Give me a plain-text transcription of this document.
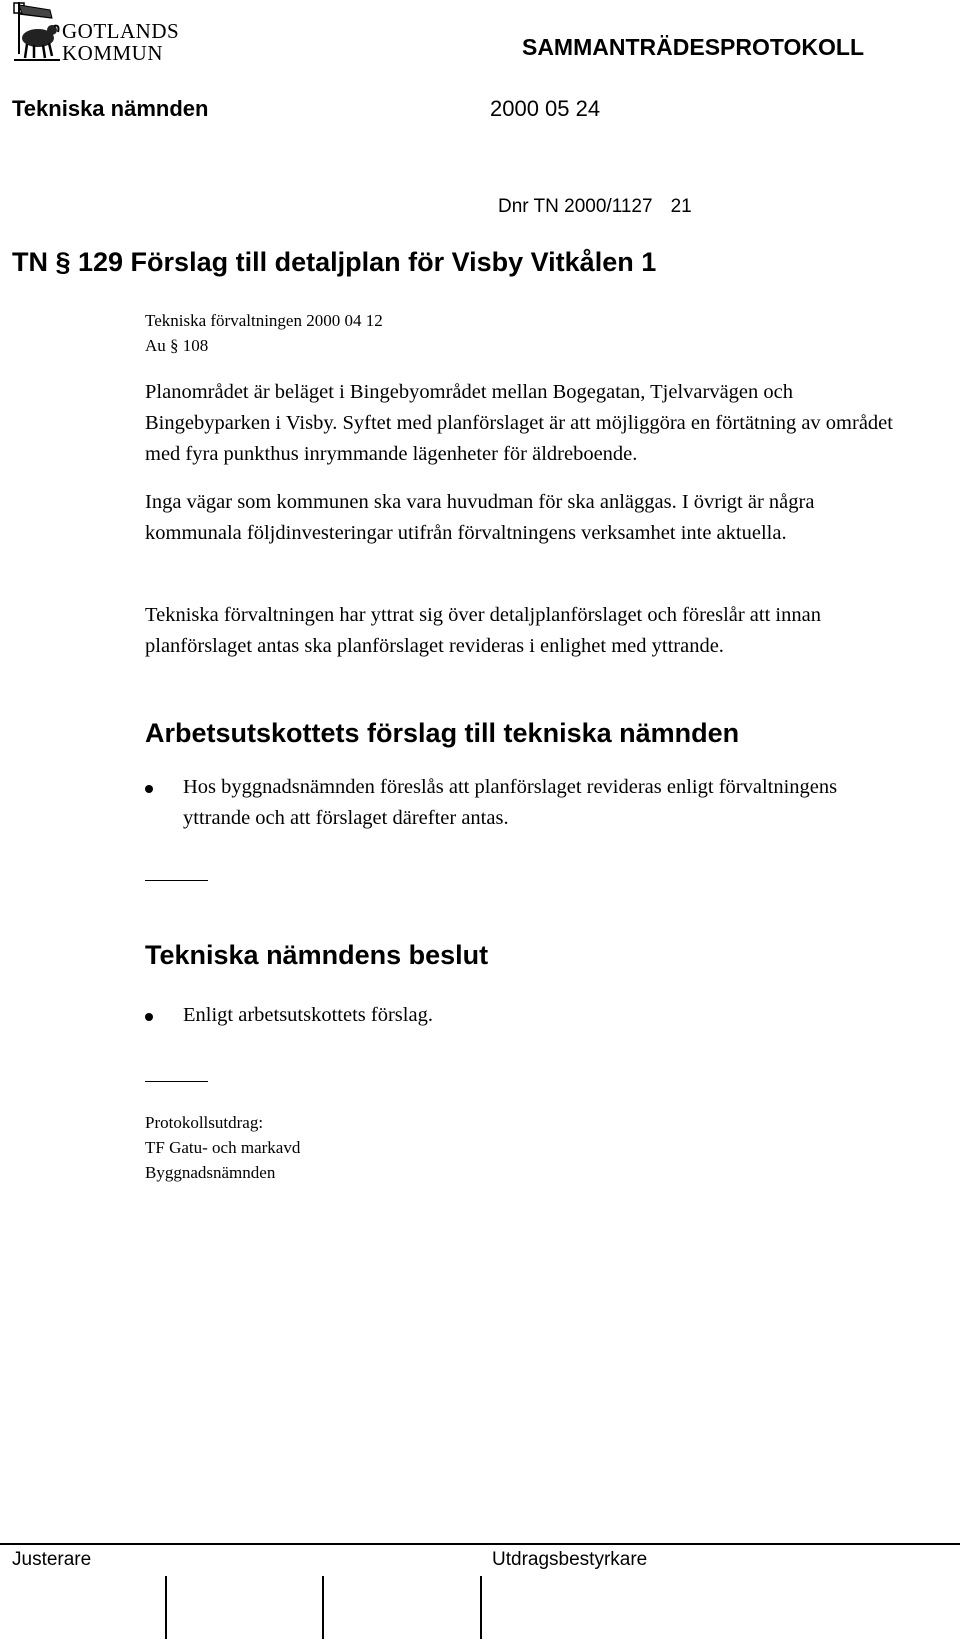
GOTLANDS
KOMMUN	SAMMANTRÄDESPROTOKOLL
Tekniska nämnden	2000 05 24
Dnr TN 2000/1127 21
TN § 129 Förslag till detaljplan för Visby Vitkålen 1
Tekniska förvaltningen 2000 04 12
Au § 108
Planområdet är beläget i Bingebyområdet mellan Bogegatan, Tjelvarvägen och Bingebyparken i Visby. Syftet med planförslaget är att möjliggöra en förtätning av området med fyra punkthus inrymmande lägenheter för äldreboende.
Inga vägar som kommunen ska vara huvudman för ska anläggas. I övrigt är några kommunala följdinvesteringar utifrån förvaltningens verksamhet inte aktuella.
Tekniska förvaltningen har yttrat sig över detaljplanförslaget och föreslår att innan planförslaget antas ska planförslaget revideras i enlighet med yttrande.
Arbetsutskottets förslag till tekniska nämnden
Hos byggnadsnämnden föreslås att planförslaget revideras enligt förvaltningens yttrande och att förslaget därefter antas.
Tekniska nämndens beslut
Enligt arbetsutskottets förslag.
Protokollsutdrag:
TF Gatu- och markavd
Byggnadsnämnden
Justerare	Utdragsbestyrkare
